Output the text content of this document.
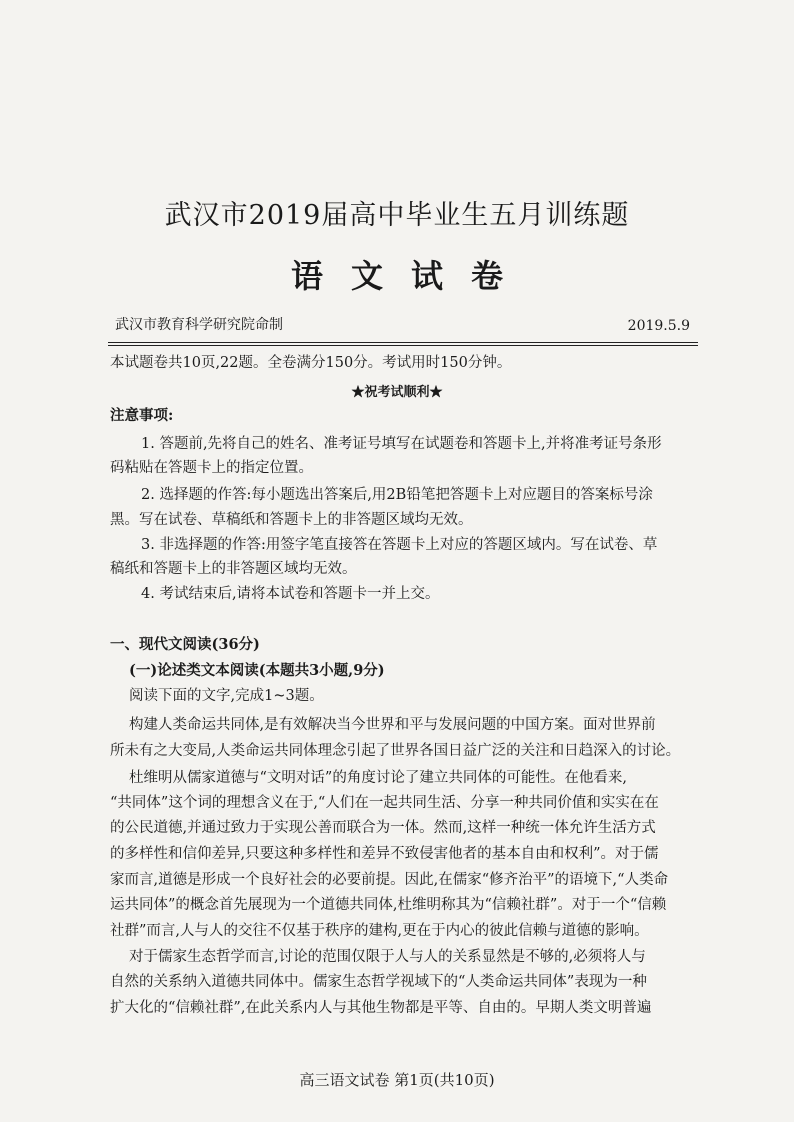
武汉市2019届高中毕业生五月训练题
语文试卷
武汉市教育科学研究院命制	2019.5.9
本试题卷共10页,22题。全卷满分150分。考试用时150分钟。
★祝考试顺利★
注意事项:
1. 答题前,先将自己的姓名、准考证号填写在试题卷和答题卡上,并将准考证号条形
码粘贴在答题卡上的指定位置。
2. 选择题的作答:每小题选出答案后,用2B铅笔把答题卡上对应题目的答案标号涂
黑。写在试卷、草稿纸和答题卡上的非答题区域均无效。
3. 非选择题的作答:用签字笔直接答在答题卡上对应的答题区域内。写在试卷、草
稿纸和答题卡上的非答题区域均无效。
4. 考试结束后,请将本试卷和答题卡一并上交。
一、现代文阅读(36分)
(一)论述类文本阅读(本题共3小题,9分)
阅读下面的文字,完成1~3题。
构建人类命运共同体,是有效解决当今世界和平与发展问题的中国方案。面对世界前
所未有之大变局,人类命运共同体理念引起了世界各国日益广泛的关注和日趋深入的讨论。
杜维明从儒家道德与“文明对话”的角度讨论了建立共同体的可能性。在他看来,
“共同体”这个词的理想含义在于,“人们在一起共同生活、分享一种共同价值和实实在在
的公民道德,并通过致力于实现公善而联合为一体。然而,这样一种统一体允许生活方式
的多样性和信仰差异,只要这种多样性和差异不致侵害他者的基本自由和权利”。对于儒
家而言,道德是形成一个良好社会的必要前提。因此,在儒家“修齐治平”的语境下,“人类命
运共同体”的概念首先展现为一个道德共同体,杜维明称其为“信赖社群”。对于一个“信赖
社群”而言,人与人的交往不仅基于秩序的建构,更在于内心的彼此信赖与道德的影响。
对于儒家生态哲学而言,讨论的范围仅限于人与人的关系显然是不够的,必须将人与
自然的关系纳入道德共同体中。儒家生态哲学视域下的“人类命运共同体”表现为一种
扩大化的“信赖社群”,在此关系内人与其他生物都是平等、自由的。早期人类文明普遍
高三语文试卷 第1页(共10页)
